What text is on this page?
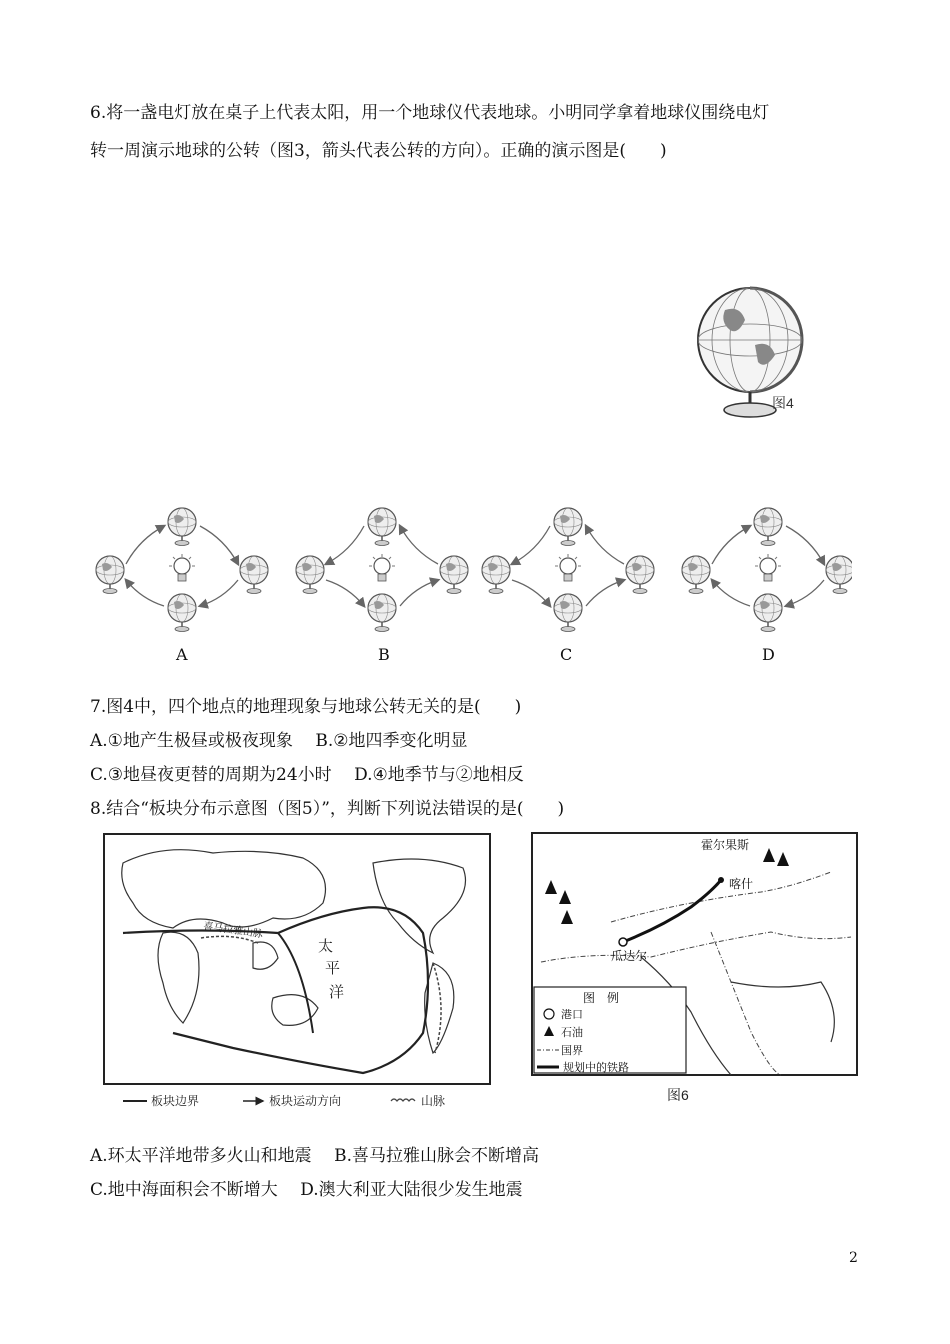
6.将一盏电灯放在桌子上代表太阳，用一个地球仪代表地球。小明同学拿着地球仪围绕电灯
转一周演示地球的公转（图3，箭头代表公转的方向）。正确的演示图是(　　)
图4
A	B	C	D
7.图4中，四个地点的地理现象与地球公转无关的是(　　)
A.①地产生极昼或极夜现象　 B.②地四季变化明显
C.③地昼夜更替的周期为24小时　 D.④地季节与②地相反
8.结合“板块分布示意图（图5）”，判断下列说法错误的是(　　)
喜马拉雅山脉
太
平
洋
板块边界	板块运动方向	山脉
霍尔果斯
喀什
瓜达尔
图　例
港口
石油
国界
规划中的铁路
图6
A.环太平洋地带多火山和地震　 B.喜马拉雅山脉会不断增高
C.地中海面积会不断增大　 D.澳大利亚大陆很少发生地震
2
